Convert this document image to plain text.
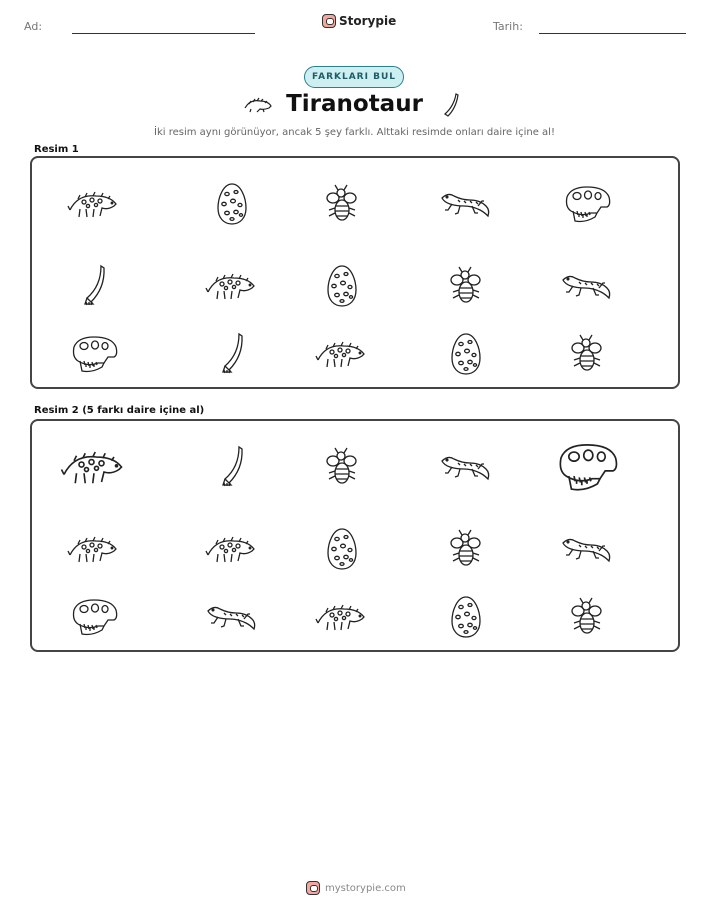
Ad:	Storypie	Tarih:
FARKLARI BUL
Tiranotaur
İki resim aynı görünüyor, ancak 5 şey farklı. Alttaki resimde onları daire içine al!
Resim 1
Resim 2 (5 farkı daire içine al)
mystorypie.com
